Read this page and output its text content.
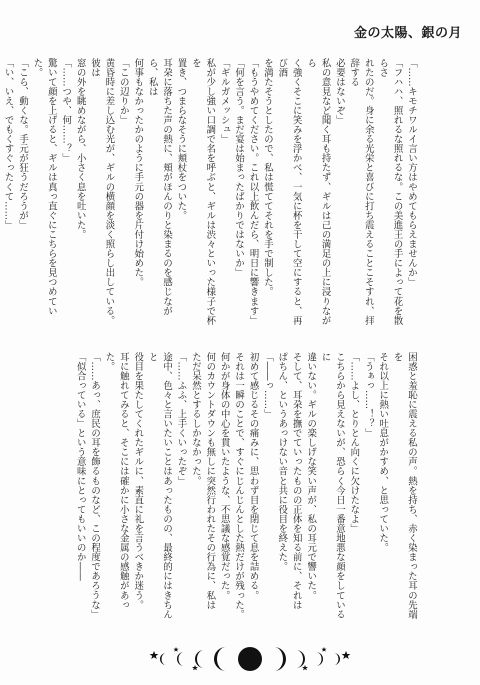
金の太陽、銀の月

「……キモチワルイ言い方はやめてもらえませんか」

「フハハ、照れるな照れるな。この美進王の手によって花を散らさ

れたのだ。身に余る光栄と喜びに打ち震えることこそすれ、拝辞する

必要はないぞ」

私の意見など聞く耳も持たず、ギルは己の満足の上に浸りながら

く強くそこに笑みを浮かべ、一気に杯を干して空にすると、再び酒

を満たそうとしたので、私は慌ててそれを手で制した。

「もうやめてください。これ以上飲んだら、明日に響きます」

「何を言う。まだ宴は始まったばかりではないか」

「ギルガメッシュ」

私が少し強い口調で名を呼ぶと、ギルは渋々といった様子で杯を

置き、つまらなそうに頬杖をついた。

耳朶に落ちた声の熱に、頬がほんのりと染まるのを感じながら、私は

何事もなかったかのように手元の器を片付け始めた。

「この辺りか」

黄昏時に差し込む光が、ギルの横顔を淡く照らし出している。彼は

窓の外を眺めながら、小さく息を吐いた。

「……つや、何……？」

驚いて顔を上げると、ギルは真っ直ぐにこちらを見つめていた。

「こら、動くな。手元が狂うだろうが」

「い、いえ、でもくすぐったくて……」

困惑と羞恥に震える私の声。熱を持ち、赤く染まった耳の先端を

それ以上に熱い吐息がかすめ、と思っていた。

「うぁっ……！？」

「……よし、とりとん向くに欠けたなよ」

こちらから見えないが、恐らく今日一番意地悪な顔をしているに

違いない。ギルの楽しげな笑い声が、私の耳元で響いた。

そして、耳朶を撫でていったものの正体を知る前に、それは

ぱちん、というあっけない音と共に役目を終えた。

「――っ……」

初めて感じるその痛みに、思わず目を閉じて息を詰める。

それは一瞬のことで、すぐにじんじんとした熱だけが残った。

何かが身体の中心を貫いたような、不思議な感覚だった。

何のカウントダウンも無しに突然行われたその行為に、私は

ただ呆然とするしかなかった。

「……ふふ、上手くいったぞ」

途中、色々と言いたいことはあったものの、最終的にはきちんと

役目を果たしてくれたギルに、素直に礼を言うべきか迷う。

耳に触れてみると、そこには確かに小さな金属の感触があった。

「……あっ、庶民の耳を飾るものなど、この程度であろうな」

「似合っている」という意味にとってもいいのか――
